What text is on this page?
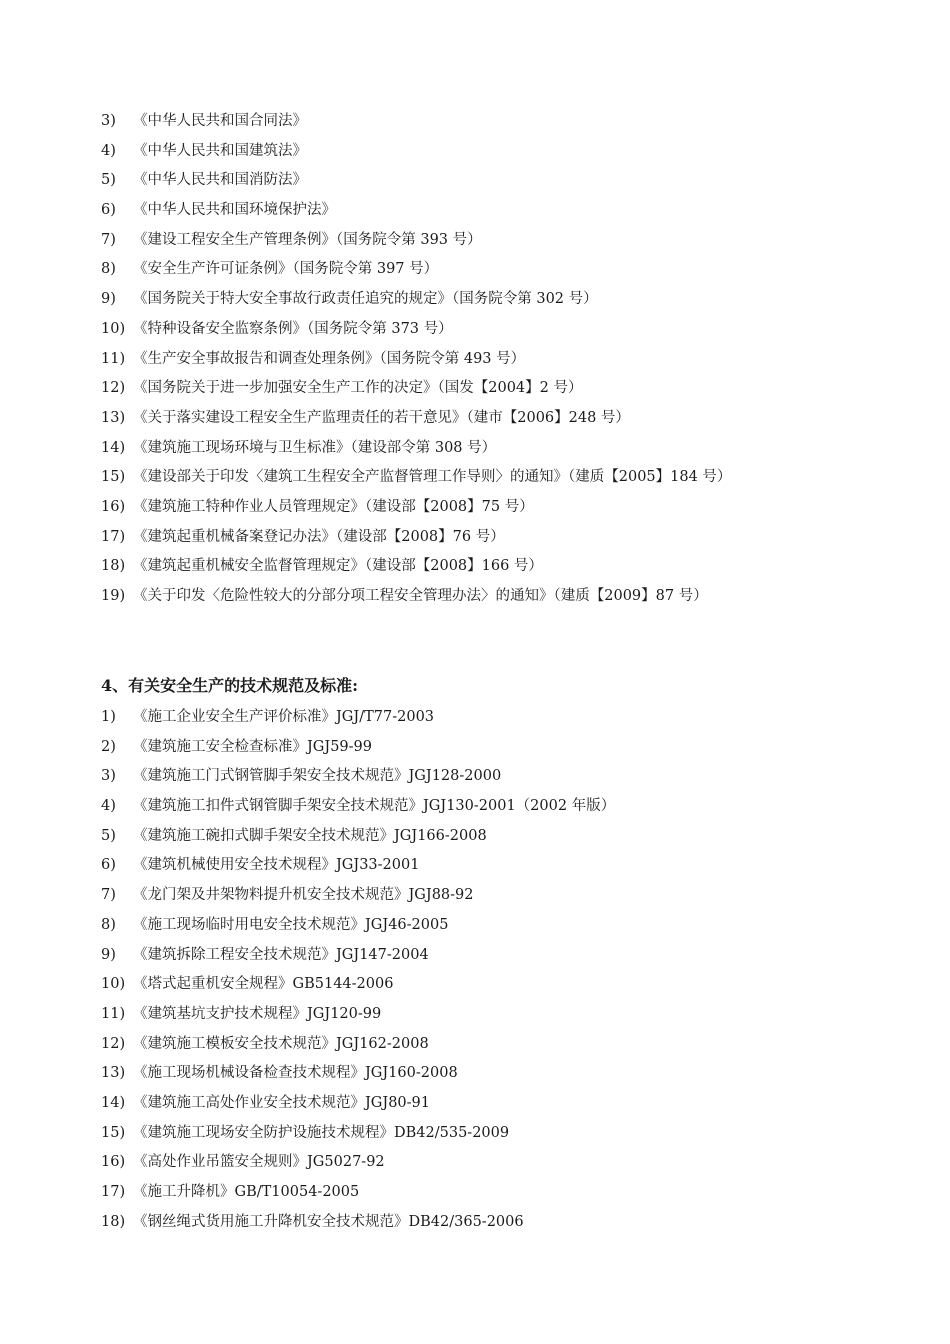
3) 《中华人民共和国合同法》
4) 《中华人民共和国建筑法》
5) 《中华人民共和国消防法》
6) 《中华人民共和国环境保护法》
7) 《建设工程安全生产管理条例》（国务院令第 393 号）
8) 《安全生产许可证条例》（国务院令第 397 号）
9) 《国务院关于特大安全事故行政责任追究的规定》（国务院令第 302 号）
10) 《特种设备安全监察条例》（国务院令第 373 号）
11) 《生产安全事故报告和调查处理条例》（国务院令第 493 号）
12) 《国务院关于进一步加强安全生产工作的决定》（国发【2004】2 号）
13) 《关于落实建设工程安全生产监理责任的若干意见》（建市【2006】248 号）
14) 《建筑施工现场环境与卫生标准》（建设部令第 308 号）
15) 《建设部关于印发〈建筑工生程安全产监督管理工作导则〉的通知》（建质【2005】184 号）
16) 《建筑施工特种作业人员管理规定》（建设部【2008】75 号）
17) 《建筑起重机械备案登记办法》（建设部【2008】76 号）
18) 《建筑起重机械安全监督管理规定》（建设部【2008】166 号）
19) 《关于印发〈危险性较大的分部分项工程安全管理办法〉的通知》（建质【2009】87 号）
4、有关安全生产的技术规范及标准:
1) 《施工企业安全生产评价标准》JGJ/T77-2003
2) 《建筑施工安全检查标准》JGJ59-99
3) 《建筑施工门式钢管脚手架安全技术规范》JGJ128-2000
4) 《建筑施工扣件式钢管脚手架安全技术规范》JGJ130-2001（2002 年版）
5) 《建筑施工碗扣式脚手架安全技术规范》JGJ166-2008
6) 《建筑机械使用安全技术规程》JGJ33-2001
7) 《龙门架及井架物料提升机安全技术规范》JGJ88-92
8) 《施工现场临时用电安全技术规范》JGJ46-2005
9) 《建筑拆除工程安全技术规范》JGJ147-2004
10) 《塔式起重机安全规程》GB5144-2006
11) 《建筑基坑支护技术规程》JGJ120-99
12) 《建筑施工模板安全技术规范》JGJ162-2008
13) 《施工现场机械设备检查技术规程》JGJ160-2008
14) 《建筑施工高处作业安全技术规范》JGJ80-91
15) 《建筑施工现场安全防护设施技术规程》DB42/535-2009
16) 《高处作业吊篮安全规则》JG5027-92
17) 《施工升降机》GB/T10054-2005
18) 《钢丝绳式货用施工升降机安全技术规范》DB42/365-2006
